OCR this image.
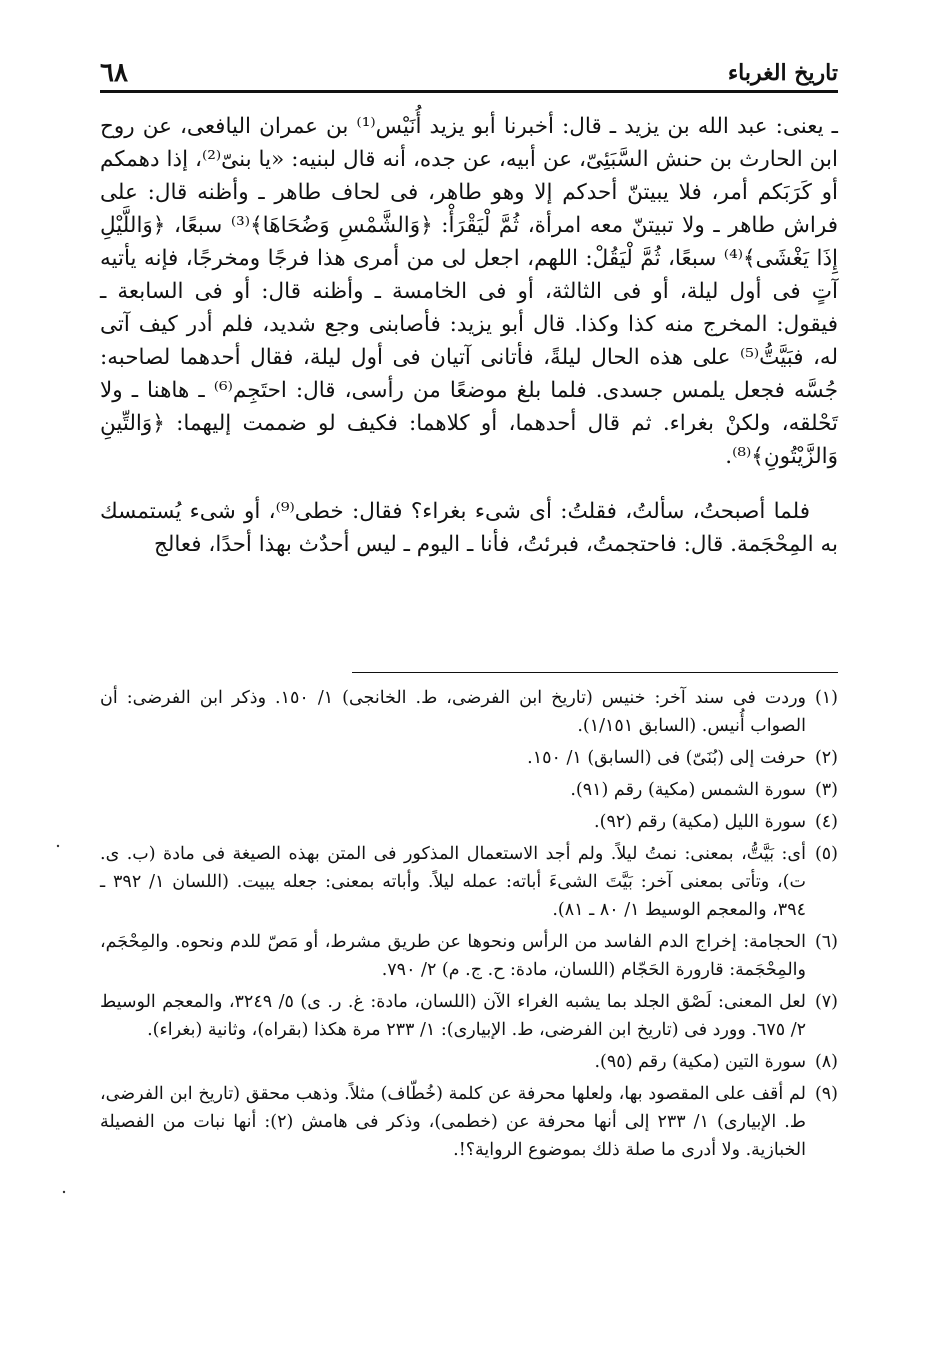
تاريخ الغرباء
٦٨

ـ يعنى: عبد الله بن يزيد ـ قال: أخبرنا أبو يزيد أُنَيْس⁽¹⁾ بن عمران اليافعى، عن روح ابن الحارث بن حنش السَّبَئِىّ، عن أبيه، عن جده، أنه قال لبنيه: «يا بنىّ⁽²⁾، إذا دهمكم أو كَرَبَكم أمر، فلا يبيتنّ أحدكم إلا وهو طاهر، فى لحاف طاهر ـ وأظنه قال: على فراش طاهر ـ ولا تبيتنّ معه امرأة، ثُمَّ لْيَقْرَأْ: ﴿وَالشَّمْسِ وَضُحَاهَا﴾⁽³⁾ سبعًا، ﴿وَاللَّيْلِ إِذَا يَغْشَى﴾⁽⁴⁾ سبعًا، ثُمَّ لْيَقُلْ: اللهم، اجعل لى من أمرى هذا فرجًا ومخرجًا، فإنه يأتيه آتٍ فى أول ليلة، أو فى الثالثة، أو فى الخامسة ـ وأظنه قال: أو فى السابعة ـ فيقول: المخرج منه كذا وكذا. قال أبو يزيد: فأصابنى وجع شديد، فلم أدر كيف آتى له، فبَيَّتُّ⁽⁵⁾ على هذه الحال ليلةً، فأتانى آتيان فى أول ليلة، فقال أحدهما لصاحبه: جُسَّه فجعل يلمس جسدى. فلما بلغ موضعًا من رأسى، قال: احتَجِم⁽⁶⁾ ـ هاهنا ـ ولا تَحْلقه، ولكنْ بغراء. ثم قال أحدهما، أو كلاهما: فكيف لو ضممت إليهما: ﴿وَالتِّينِ وَالزَّيْتُونِ﴾⁽⁸⁾.

فلما أصبحتُ، سألتُ، فقلتُ: أى شىء بغراء؟ فقال: خطى⁽⁹⁾، أو شىء يُستمسك به المِحْجَمة. قال: فاحتجمتُ، فبرئتُ، فأنا ـ اليوم ـ ليس أحدٌث بهذا أحدًا، فعالج

(١)
وردت فى سند آخر: خنيس (تاريخ ابن الفرضى، ط. الخانجى) ١/ ١٥٠. وذكر ابن الفرضى: أن الصواب أُنيس. (السابق ١/١٥١).
(٢)
حرفت إلى (بُنَىّ) فى (السابق) ١/ ١٥٠.
(٣)
سورة الشمس (مكية) رقم (٩١).
(٤)
سورة الليل (مكية) رقم (٩٢).
(٥)
أى: بَيَّتُّ، بمعنى: نمتُ ليلاً. ولم أجد الاستعمال المذكور فى المتن بهذه الصيغة فى مادة (ب. ى. ت)، وتأتى بمعنى آخر: بَيَّتَ الشىءَ أباته: عمله ليلاً. وأباته بمعنى: جعله يبيت. (اللسان ١/ ٣٩٢ ـ ٣٩٤، والمعجم الوسيط ١/ ٨٠ ـ ٨١).
(٦)
الحجامة: إخراج الدم الفاسد من الرأس ونحوها عن طريق مشرط، أو مَصّ للدم ونحوه. والمِحْجَم، والمِحْجَمة: قارورة الحَجّام (اللسان، مادة: ح. ج. م) ٢/ ٧٩٠.
(٧)
لعل المعنى: لَصْق الجلد بما يشبه الغراء الآن (اللسان، مادة: غ. ر. ى) ٥/ ٣٢٤٩، والمعجم الوسيط ٢/ ٦٧٥. وورد فى (تاريخ ابن الفرضى، ط. الإبيارى): ١/ ٢٣٣ مرة هكذا (بقراه)، وثانية (بغراء).
(٨)
سورة التين (مكية) رقم (٩٥).
(٩)
لم أقف على المقصود بها، ولعلها محرفة عن كلمة (خُطّاف) مثلاً. وذهب محقق (تاريخ ابن الفرضى، ط. الإبيارى) ١/ ٢٣٣ إلى أنها محرفة عن (خطمى)، وذكر فى هامش (٢): أنها نبات من الفصيلة الخبازية. ولا أدرى ما صلة ذلك بموضوع الرواية؟!.
